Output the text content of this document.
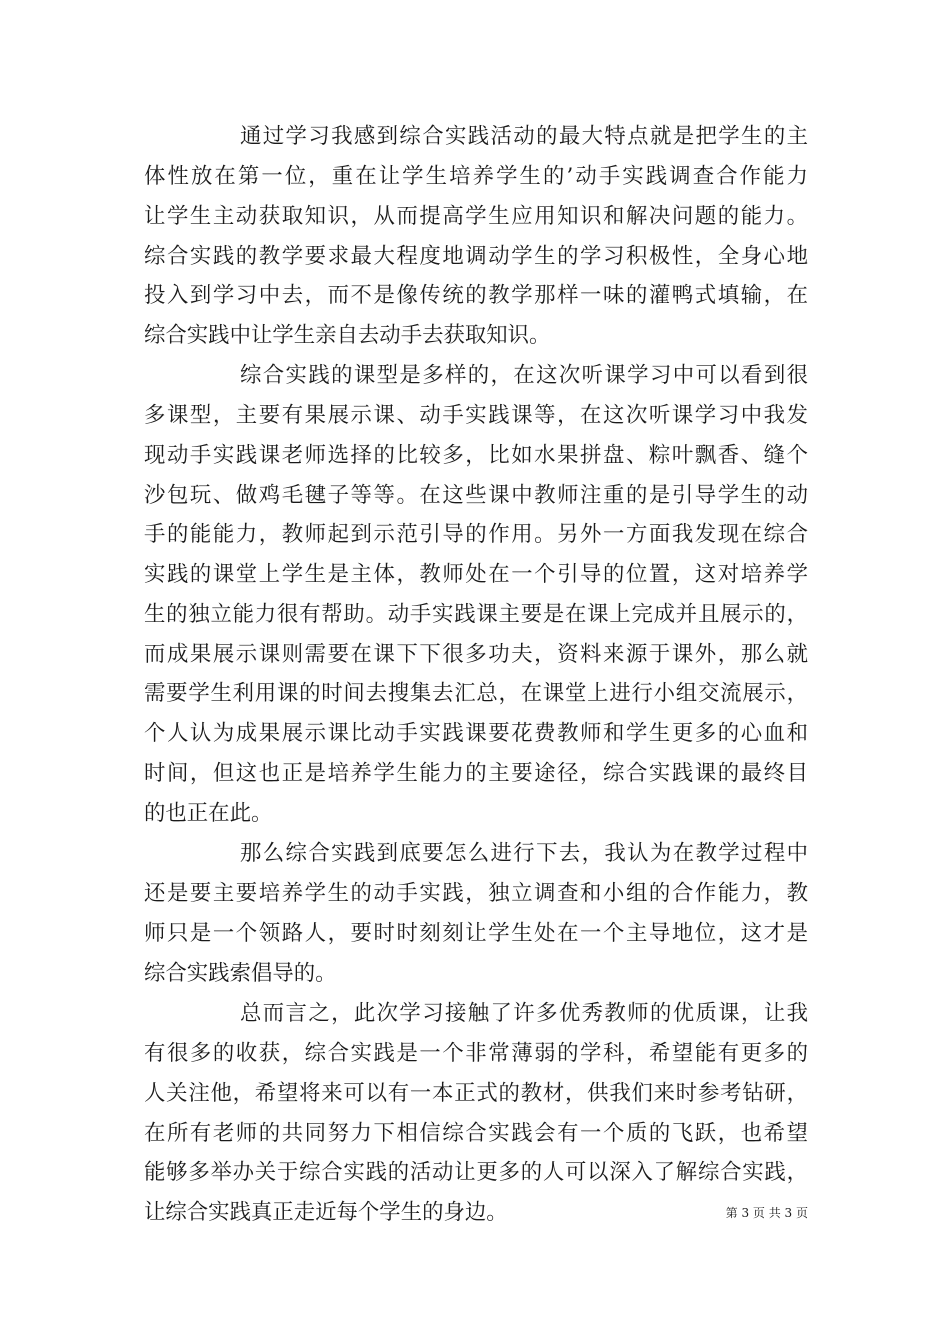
通过学习我感到综合实践活动的最大特点就是把学生的主
体性放在第一位，重在让学生培养学生的’动手实践调查合作能力
让学生主动获取知识，从而提高学生应用知识和解决问题的能力。
综合实践的教学要求最大程度地调动学生的学习积极性，全身心地
投入到学习中去，而不是像传统的教学那样一味的灌鸭式填输，在
综合实践中让学生亲自去动手去获取知识。
综合实践的课型是多样的，在这次听课学习中可以看到很
多课型，主要有果展示课、动手实践课等，在这次听课学习中我发
现动手实践课老师选择的比较多，比如水果拼盘、粽叶飘香、缝个
沙包玩、做鸡毛毽子等等。在这些课中教师注重的是引导学生的动
手的能能力，教师起到示范引导的作用。另外一方面我发现在综合
实践的课堂上学生是主体，教师处在一个引导的位置，这对培养学
生的独立能力很有帮助。动手实践课主要是在课上完成并且展示的，
而成果展示课则需要在课下下很多功夫，资料来源于课外，那么就
需要学生利用课的时间去搜集去汇总，在课堂上进行小组交流展示，
个人认为成果展示课比动手实践课要花费教师和学生更多的心血和
时间，但这也正是培养学生能力的主要途径，综合实践课的最终目
的也正在此。
那么综合实践到底要怎么进行下去，我认为在教学过程中
还是要主要培养学生的动手实践，独立调查和小组的合作能力，教
师只是一个领路人，要时时刻刻让学生处在一个主导地位，这才是
综合实践索倡导的。
总而言之，此次学习接触了许多优秀教师的优质课，让我
有很多的收获，综合实践是一个非常薄弱的学科，希望能有更多的
人关注他，希望将来可以有一本正式的教材，供我们来时参考钻研，
在所有老师的共同努力下相信综合实践会有一个质的飞跃，也希望
能够多举办关于综合实践的活动让更多的人可以深入了解综合实践，
让综合实践真正走近每个学生的身边。	第 3 页 共 3 页
